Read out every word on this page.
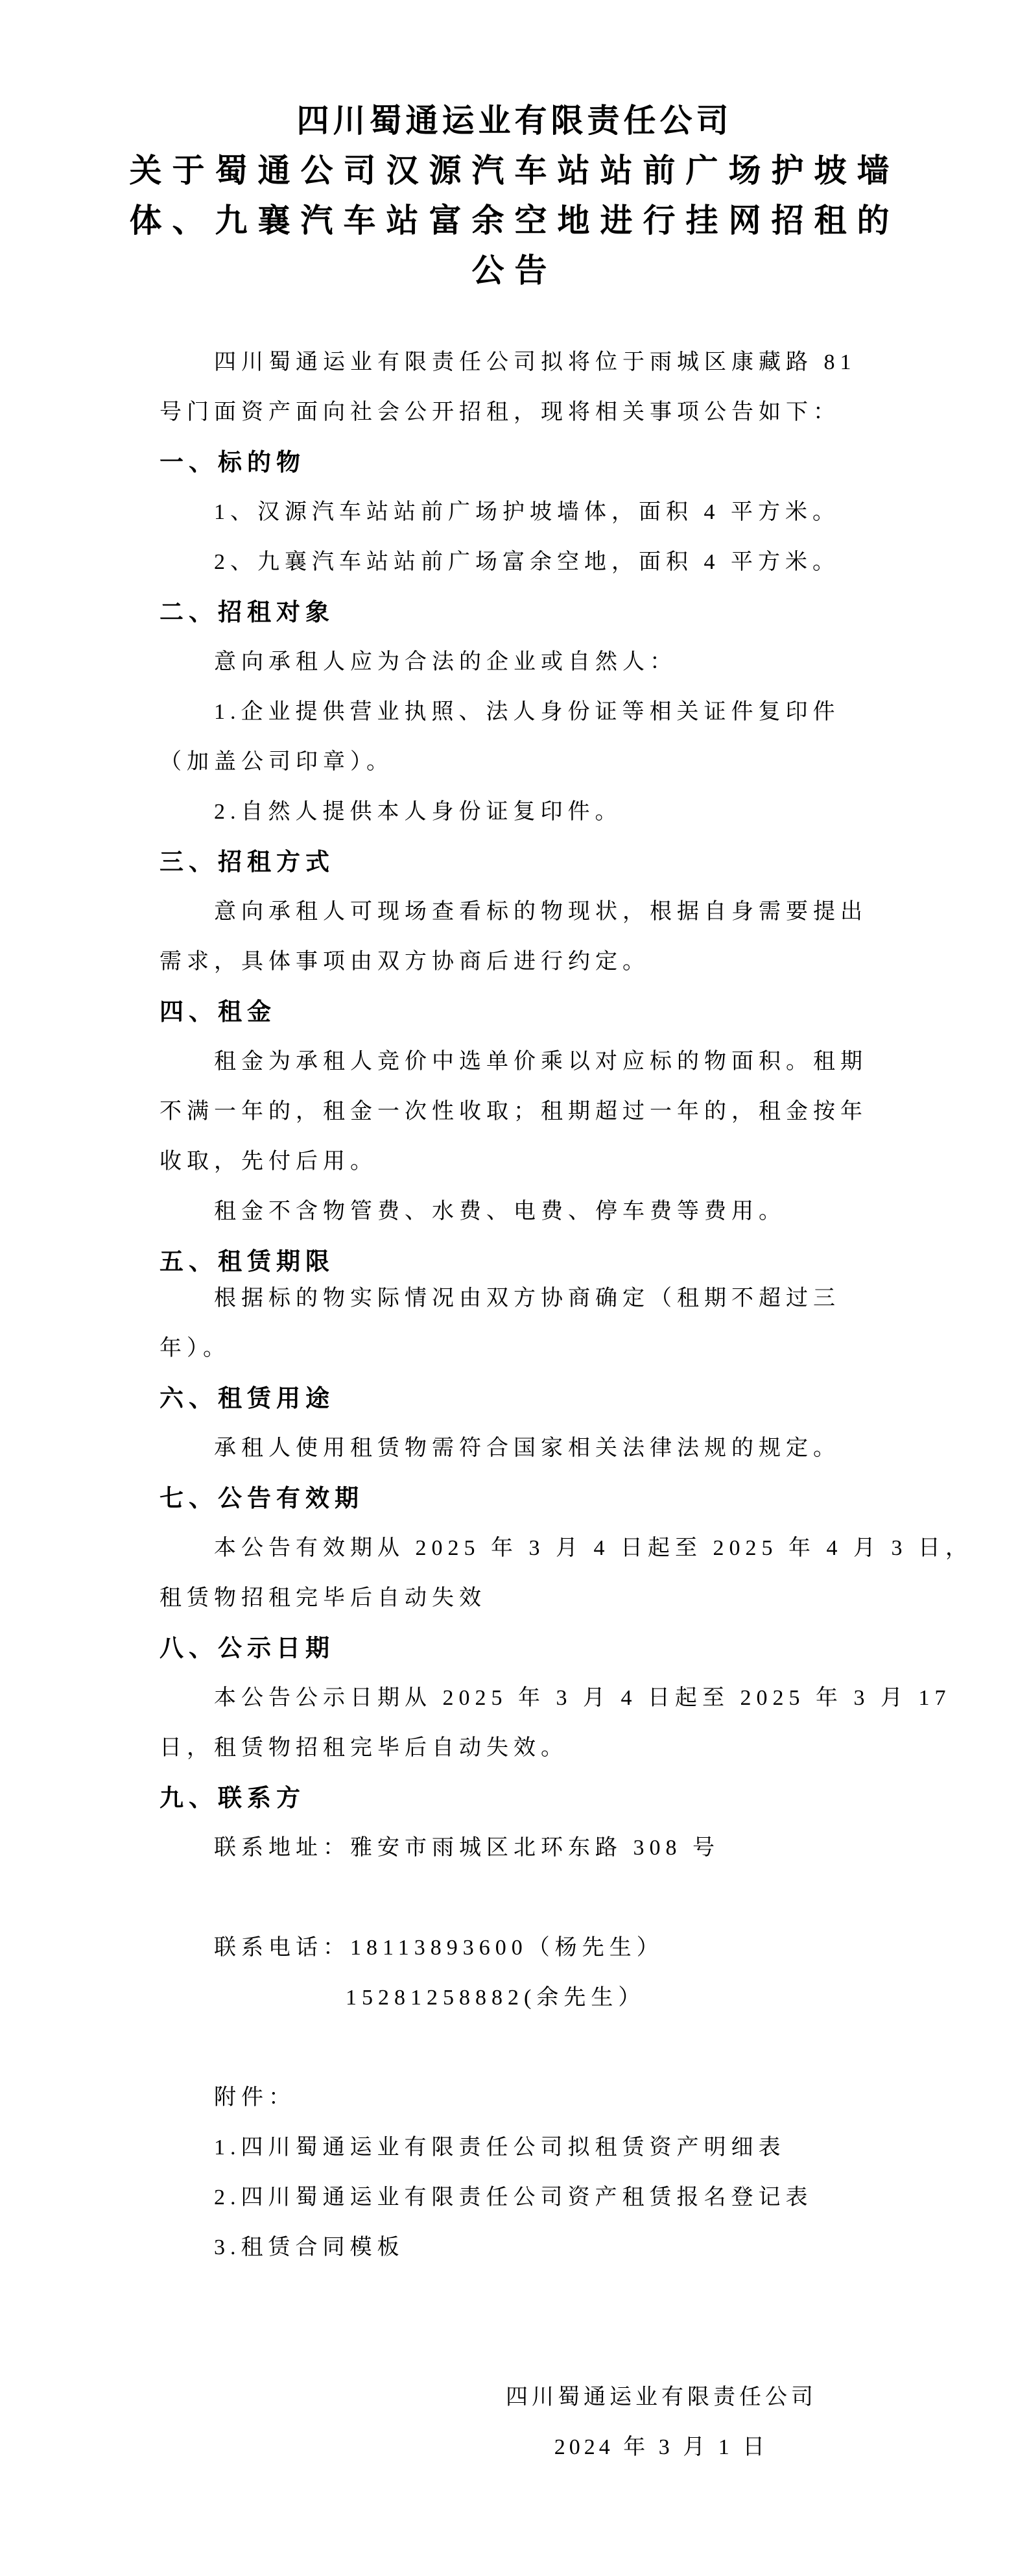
四川蜀通运业有限责任公司
关于蜀通公司汉源汽车站站前广场护坡墙
体、九襄汽车站富余空地进行挂网招租的
公告
四川蜀通运业有限责任公司拟将位于雨城区康藏路 81
号门面资产面向社会公开招租，现将相关事项公告如下：
一、标的物
1、汉源汽车站站前广场护坡墙体，面积 4 平方米。
2、九襄汽车站站前广场富余空地，面积 4 平方米。
二、招租对象
意向承租人应为合法的企业或自然人：
1.企业提供营业执照、法人身份证等相关证件复印件
（加盖公司印章）。
2.自然人提供本人身份证复印件。
三、招租方式
意向承租人可现场查看标的物现状，根据自身需要提出
需求，具体事项由双方协商后进行约定。
四、租金
租金为承租人竞价中选单价乘以对应标的物面积。租期
不满一年的，租金一次性收取；租期超过一年的，租金按年
收取，先付后用。
租金不含物管费、水费、电费、停车费等费用。
五、租赁期限
根据标的物实际情况由双方协商确定（租期不超过三
年）。
六、租赁用途
承租人使用租赁物需符合国家相关法律法规的规定。
七、公告有效期
本公告有效期从 2025 年 3 月 4 日起至 2025 年 4 月 3 日，
租赁物招租完毕后自动失效
八、公示日期
本公告公示日期从 2025 年 3 月 4 日起至 2025 年 3 月 17
日，租赁物招租完毕后自动失效。
九、联系方
联系地址：雅安市雨城区北环东路 308 号

联系电话：18113893600（杨先生）
15281258882(余先生）

附件：
1.四川蜀通运业有限责任公司拟租赁资产明细表
2.四川蜀通运业有限责任公司资产租赁报名登记表
3.租赁合同模板

四川蜀通运业有限责任公司
2024 年 3 月 1 日
